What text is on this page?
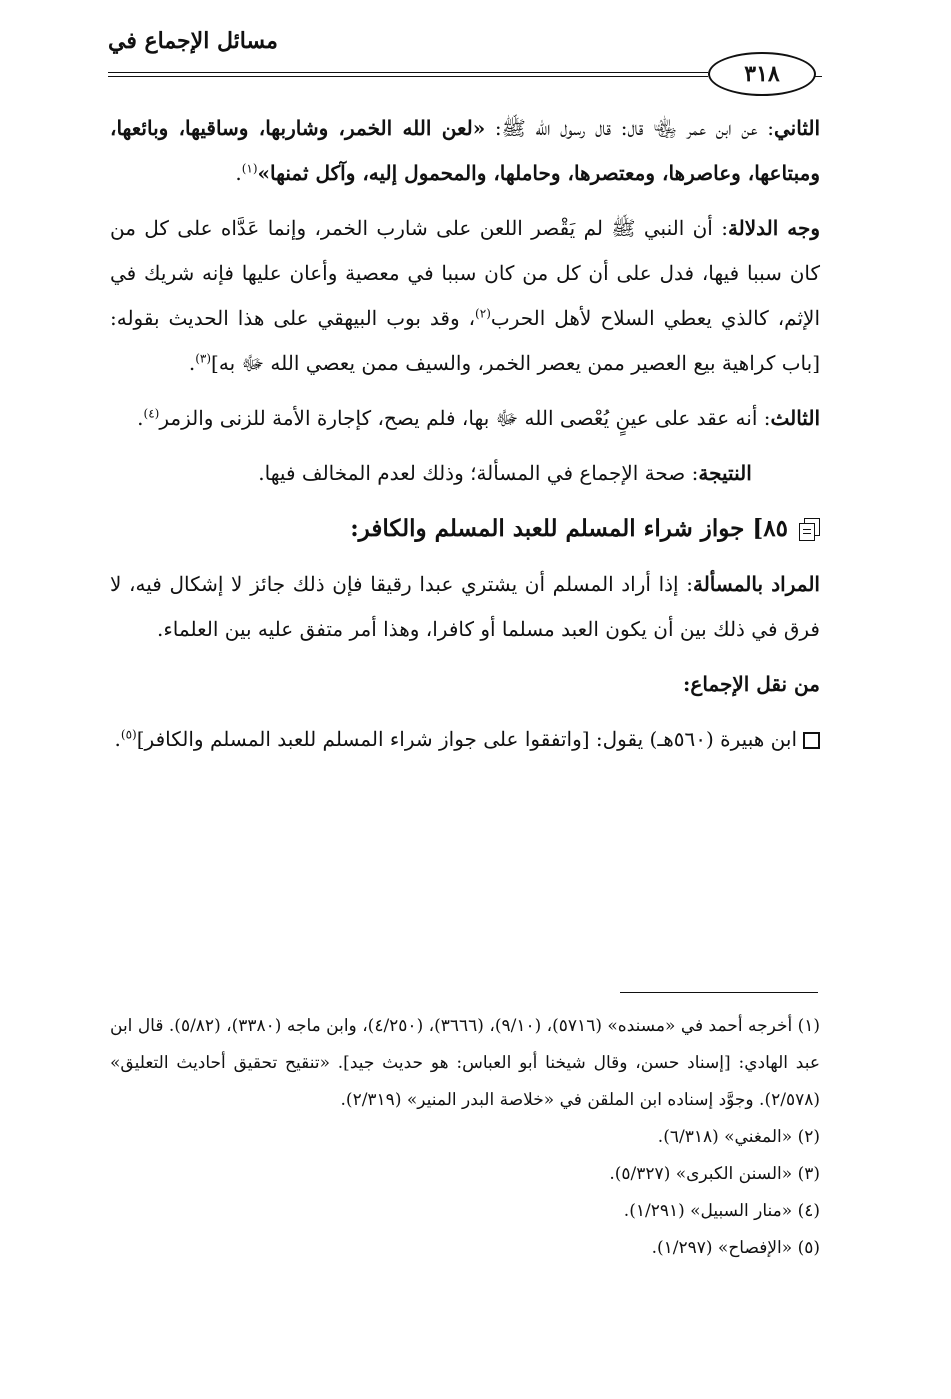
مسائل الإجماع في
٣١٨

الثاني: عن ابن عمر ﵄ قال: قال رسول الله ﷺ: «لعن الله الخمر، وشاربها، وساقيها، وبائعها، ومبتاعها، وعاصرها، ومعتصرها، وحاملها، والمحمول إليه، وآكل ثمنها»$^{(١)}$.

وجه الدلالة: أن النبي ﷺ لم يَقْصر اللعن على شارب الخمر، وإنما عَدَّاه على كل من كان سببا فيها، فدل على أن كل من كان سببا في معصية وأعان عليها فإنه شريك في الإثم، كالذي يعطي السلاح لأهل الحرب$^{(٢)}$، وقد بوب البيهقي على هذا الحديث بقوله: [باب كراهية بيع العصير ممن يعصر الخمر، والسيف ممن يعصي الله ﷻ به]$^{(٣)}$.

الثالث: أنه عقد على عينٍ يُعْصى الله ﷻ بها، فلم يصح، كإجارة الأمة للزنى والزمر$^{(٤)}$.

النتيجة: صحة الإجماع في المسألة؛ وذلك لعدم المخالف فيها.

٨٥] جواز شراء المسلم للعبد المسلم والكافر:

المراد بالمسألة: إذا أراد المسلم أن يشتري عبدا رقيقا فإن ذلك جائز لا إشكال فيه، لا فرق في ذلك بين أن يكون العبد مسلما أو كافرا، وهذا أمر متفق عليه بين العلماء.

من نقل الإجماع:

ابن هبيرة (٥٦٠هـ) يقول: [واتفقوا على جواز شراء المسلم للعبد المسلم والكافر]$^{(٥)}$.

(١) أخرجه أحمد في «مسنده» (٥٧١٦)، (٩/١٠)، (٣٦٦٦)، (٤/٢٥٠)، وابن ماجه (٣٣٨٠)، (٥/٨٢). قال ابن عبد الهادي: [إسناد حسن، وقال شيخنا أبو العباس: هو حديث جيد]. «تنقيح تحقيق أحاديث التعليق» (٢/٥٧٨). وجوَّد إسناده ابن الملقن في «خلاصة البدر المنير» (٢/٣١٩).

(٢) «المغني» (٦/٣١٨).

(٣) «السنن الكبرى» (٥/٣٢٧).

(٤) «منار السبيل» (١/٢٩١).

(٥) «الإفصاح» (١/٢٩٧).
